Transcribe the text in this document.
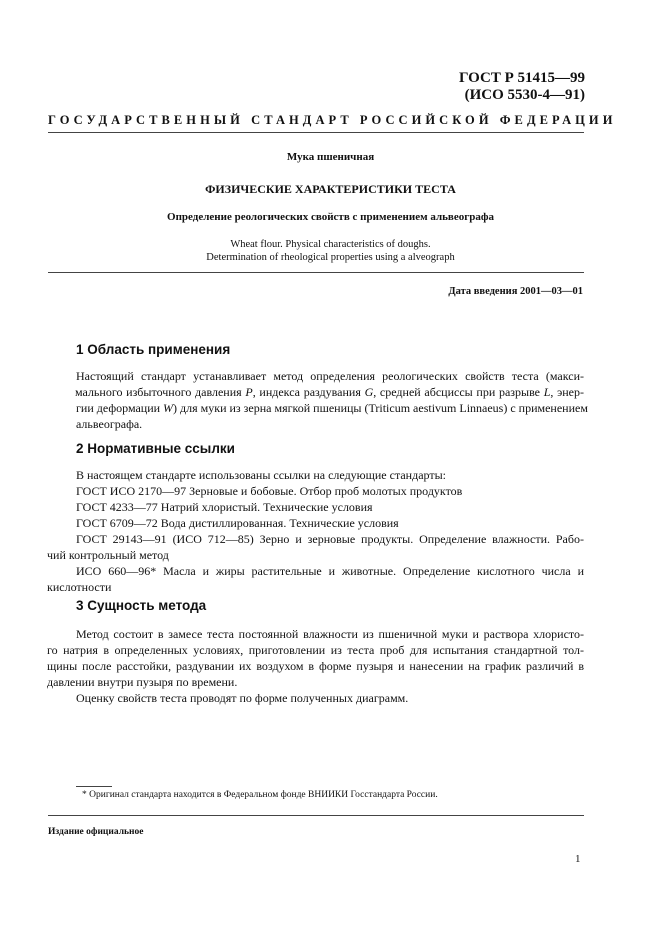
ГОСТ Р 51415—99
(ИСО 5530-4—91)
ГОСУДАРСТВЕННЫЙ СТАНДАРТ РОССИЙСКОЙ ФЕДЕРАЦИИ
Мука пшеничная
ФИЗИЧЕСКИЕ ХАРАКТЕРИСТИКИ ТЕСТА
Определение реологических свойств с применением альвеографа
Wheat flour. Physical characteristics of doughs.
Determination of rheological properties using a alveograph
Дата введения 2001—03—01
1 Область применения
Настоящий стандарт устанавливает метод определения реологических свойств теста (макси-
мального избыточного давления P, индекса раздувания G, средней абсциссы при разрыве L, энер-
гии деформации W) для муки из зерна мягкой пшеницы (Triticum aestivum Linnaeus) с применением
альвеографа.
2 Нормативные ссылки
В настоящем стандарте использованы ссылки на следующие стандарты:
ГОСТ ИСО 2170—97 Зерновые и бобовые. Отбор проб молотых продуктов
ГОСТ 4233—77 Натрий хлористый. Технические условия
ГОСТ 6709—72 Вода дистиллированная. Технические условия
ГОСТ 29143—91 (ИСО 712—85) Зерно и зерновые продукты. Определение влажности. Рабо-
чий контрольный метод
ИСО 660—96* Масла и жиры растительные и животные. Определение кислотного числа и
кислотности
3 Сущность метода
Метод состоит в замесе теста постоянной влажности из пшеничной муки и раствора хлористо-
го натрия в определенных условиях, приготовлении из теста проб для испытания стандартной тол-
щины после расстойки, раздувании их воздухом в форме пузыря и нанесении на график различий в
давлении внутри пузыря по времени.
Оценку свойств теста проводят по форме полученных диаграмм.
* Оригинал стандарта находится в Федеральном фонде ВНИИКИ Госстандарта России.
Издание официальное
1
